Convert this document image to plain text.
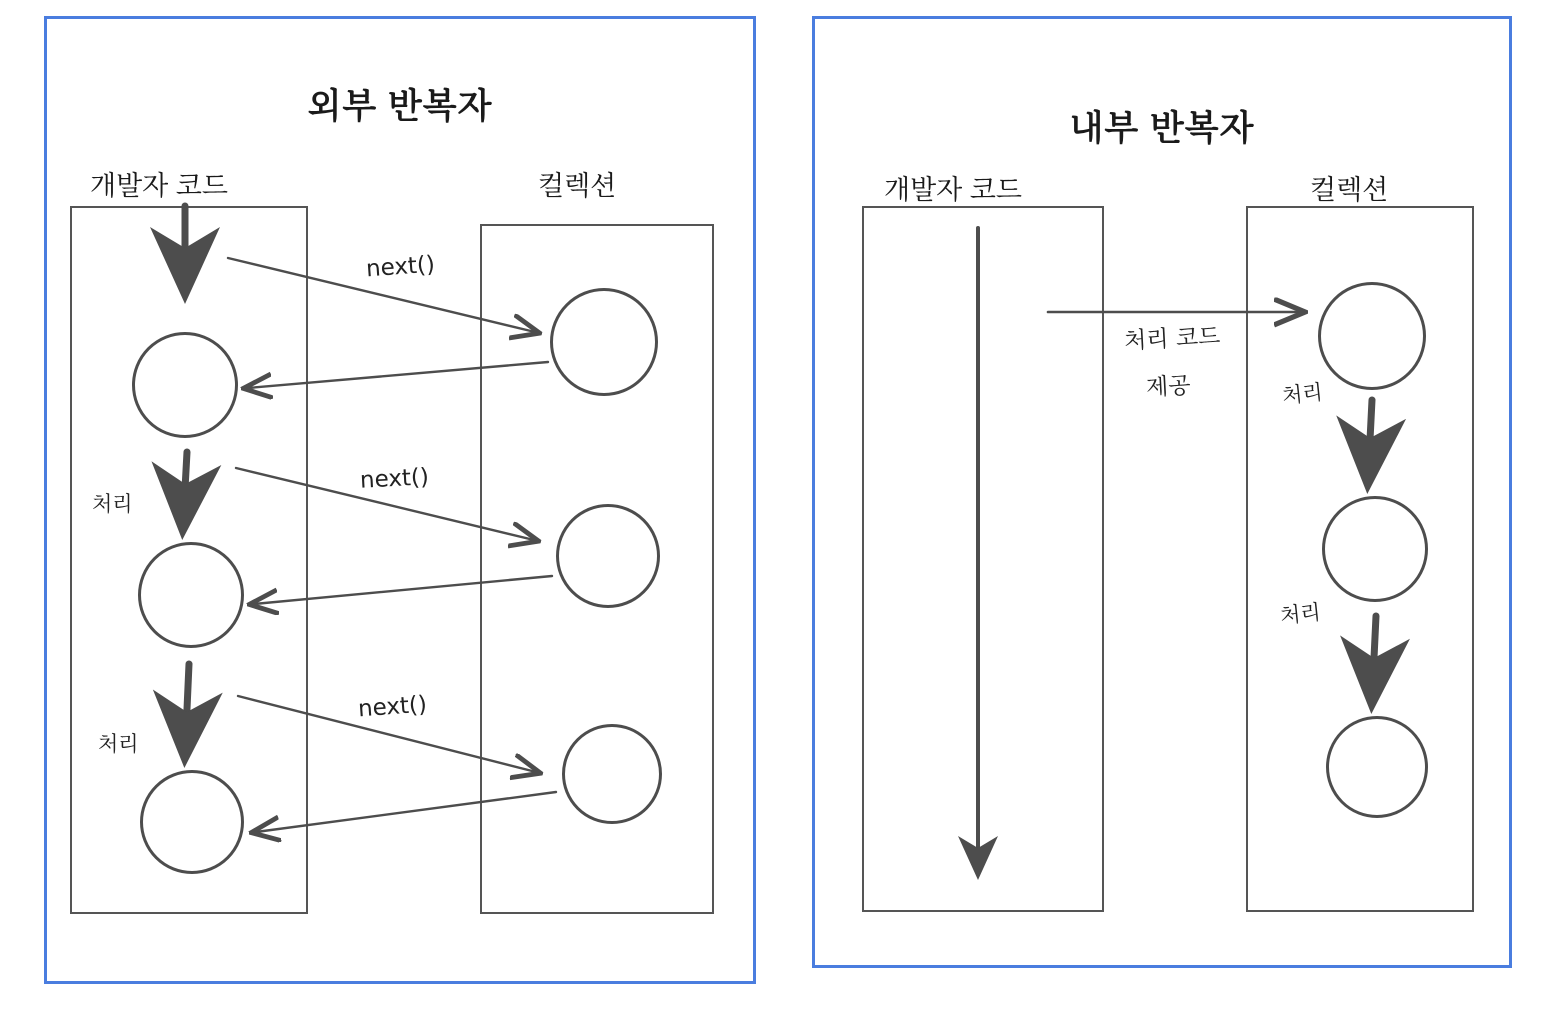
외부 반복자
개발자 코드	컬렉션
next()
next()
next()
처리
처리
내부 반복자
개발자 코드	컬렉션
처리 코드
제공	처리
처리
